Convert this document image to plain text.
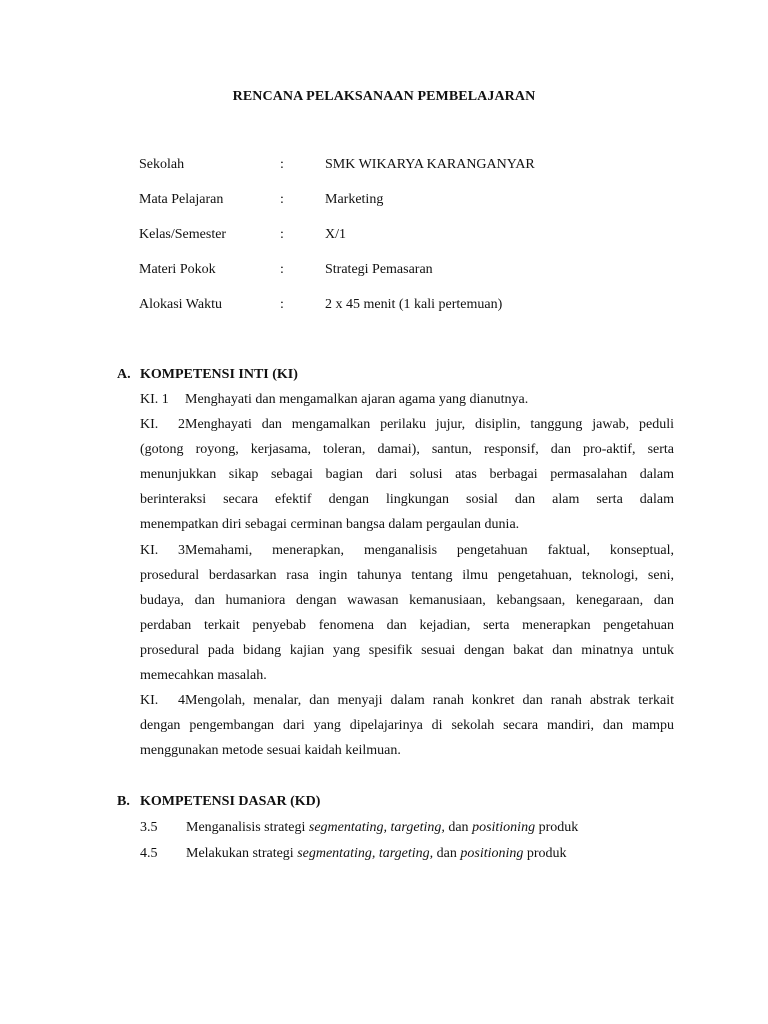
RENCANA PELAKSANAAN PEMBELAJARAN
Sekolah	:	SMK WIKARYA KARANGANYAR
Mata Pelajaran	:	Marketing
Kelas/Semester	:	X/1
Materi Pokok	:	Strategi Pemasaran
Alokasi Waktu	:	2 x 45 menit (1 kali pertemuan)
A. KOMPETENSI INTI (KI)
KI. 1 Menghayati dan mengamalkan ajaran agama yang dianutnya.
KI. 2Menghayati dan mengamalkan perilaku jujur, disiplin, tanggung jawab, peduli
(gotong royong, kerjasama, toleran, damai), santun, responsif, dan pro-aktif, serta
menunjukkan sikap sebagai bagian dari solusi atas berbagai permasalahan dalam
berinteraksi secara efektif dengan lingkungan sosial dan alam serta dalam
menempatkan diri sebagai cerminan bangsa dalam pergaulan dunia.
KI. 3Memahami, menerapkan, menganalisis pengetahuan faktual, konseptual,
prosedural berdasarkan rasa ingin tahunya tentang ilmu pengetahuan, teknologi, seni,
budaya, dan humaniora dengan wawasan kemanusiaan, kebangsaan, kenegaraan, dan
perdaban terkait penyebab fenomena dan kejadian, serta menerapkan pengetahuan
prosedural pada bidang kajian yang spesifik sesuai dengan bakat dan minatnya untuk
memecahkan masalah.
KI. 4Mengolah, menalar, dan menyaji dalam ranah konkret dan ranah abstrak terkait
dengan pengembangan dari yang dipelajarinya di sekolah secara mandiri, dan mampu
menggunakan metode sesuai kaidah keilmuan.
B. KOMPETENSI DASAR (KD)
3.5 Menganalisis strategi segmentating, targeting, dan positioning produk
4.5 Melakukan strategi segmentating, targeting, dan positioning produk
